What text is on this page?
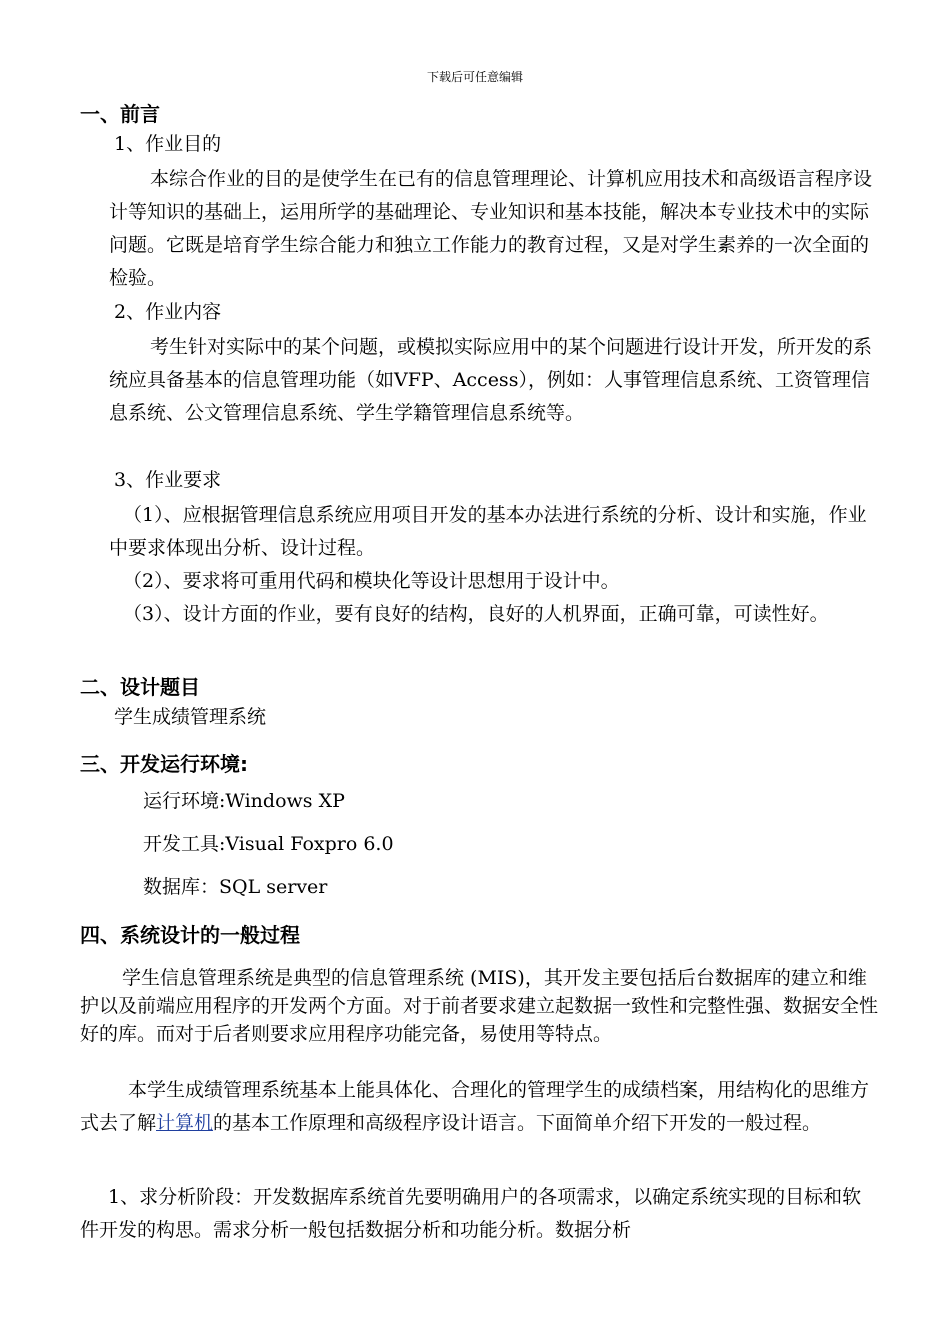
下载后可任意编辑
一、前言
1、作业目的

本综合作业的目的是使学生在已有的信息管理理论、计算机应用技术和高级语言程序设计等知识的基础上，运用所学的基础理论、专业知识和基本技能，解决本专业技术中的实际问题。它既是培育学生综合能力和独立工作能力的教育过程，又是对学生素养的一次全面的检验。

2、作业内容

考生针对实际中的某个问题，或模拟实际应用中的某个问题进行设计开发，所开发的系统应具备基本的信息管理功能（如VFP、Access），例如：人事管理信息系统、工资管理信息系统、公文管理信息系统、学生学籍管理信息系统等。

3、作业要求

（1）、应根据管理信息系统应用项目开发的基本办法进行系统的分析、设计和实施，作业中要求体现出分析、设计过程。

（2）、要求将可重用代码和模块化等设计思想用于设计中。

（3）、设计方面的作业，要有良好的结构，良好的人机界面，正确可靠，可读性好。

二、设计题目
学生成绩管理系统
三、开发运行环境:
运行环境:Windows XP
开发工具:Visual Foxpro 6.0
数据库：SQL server
四、系统设计的一般过程

学生信息管理系统是典型的信息管理系统 (MIS)，其开发主要包括后台数据库的建立和维护以及前端应用程序的开发两个方面。对于前者要求建立起数据一致性和完整性强、数据安全性好的库。而对于后者则要求应用程序功能完备，易使用等特点。

本学生成绩管理系统基本上能具体化、合理化的管理学生的成绩档案，用结构化的思维方式去了解计算机的基本工作原理和高级程序设计语言。下面简单介绍下开发的一般过程。

1、求分析阶段：开发数据库系统首先要明确用户的各项需求，以确定系统实现的目标和软件开发的构思。需求分析一般包括数据分析和功能分析。数据分析
